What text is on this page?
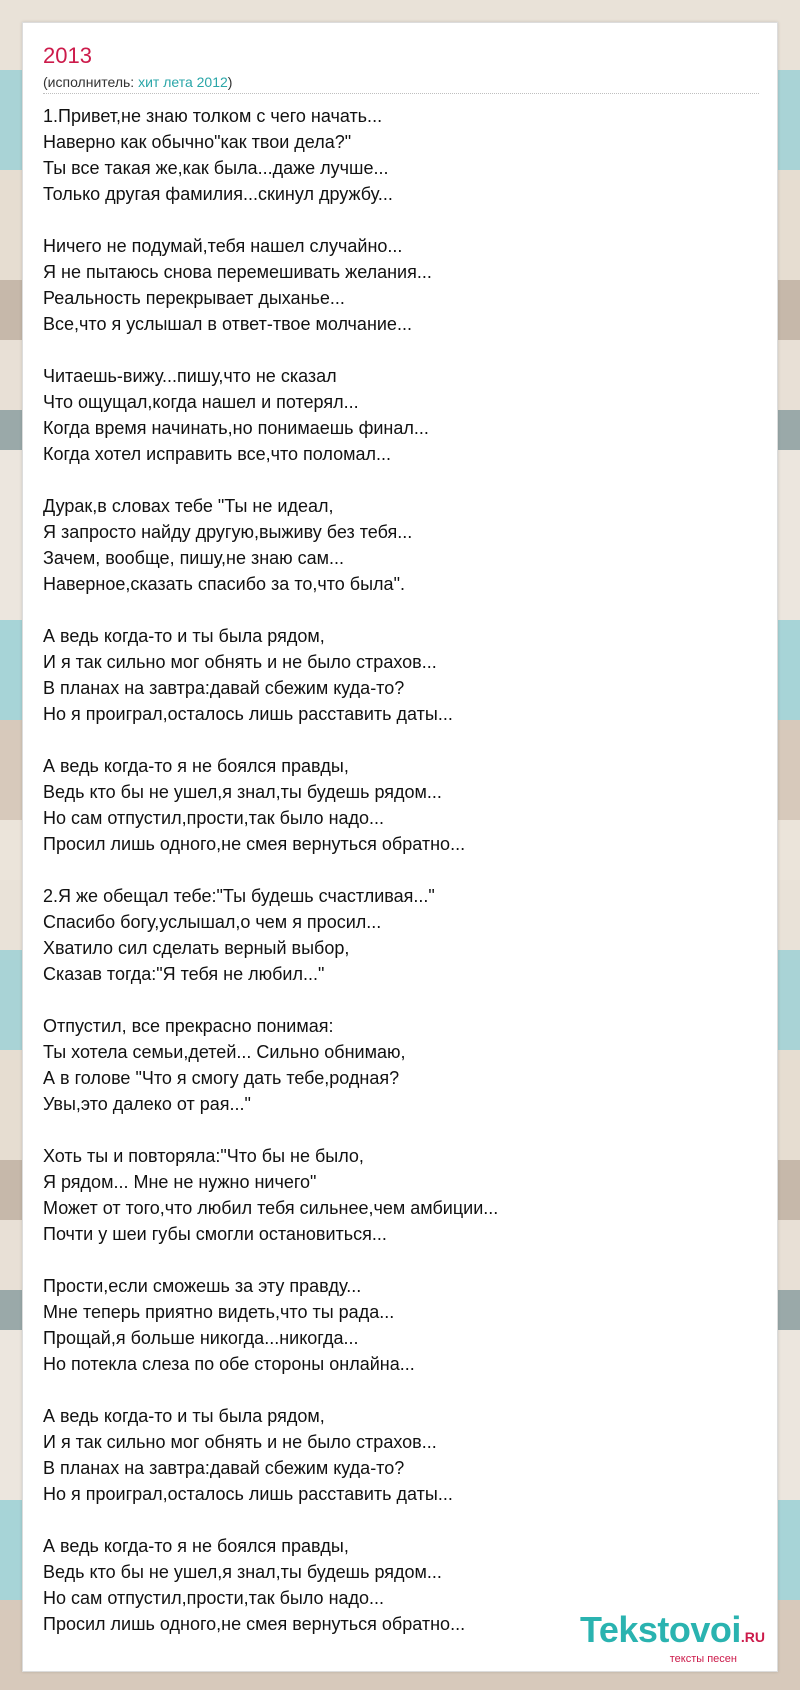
2013
(исполнитель: хит лета 2012)
1.Привет,не знаю толком с чего начать...
Наверно как обычно"как твои дела?"
Ты все такая же,как была...даже лучше...
Только другая фамилия...скинул дружбу...
Ничего не подумай,тебя нашел случайно...
Я не пытаюсь снова перемешивать желания...
Реальность перекрывает дыханье...
Все,что я услышал в ответ-твое молчание...
Читаешь-вижу...пишу,что не сказал
Что ощущал,когда нашел и потерял...
Когда время начинать,но понимаешь финал...
Когда хотел исправить все,что поломал...
Дурак,в словах тебе "Ты не идеал,
Я запросто найду другую,выживу без тебя...
Зачем, вообще, пишу,не знаю сам...
Наверное,сказать спасибо за то,что была".
А ведь когда-то и ты была рядом,
И я так сильно мог обнять и не было страхов...
В планах на завтра:давай сбежим куда-то?
Но я проиграл,осталось лишь расставить даты...
А ведь когда-то я не боялся правды,
Ведь кто бы не ушел,я знал,ты будешь рядом...
Но сам отпустил,прости,так было надо...
Просил лишь одного,не смея вернуться обратно...
2.Я же обещал тебе:"Ты будешь счастливая..."
Спасибо богу,услышал,о чем я просил...
Хватило сил сделать верный выбор,
Сказав тогда:"Я тебя не любил..."
Отпустил, все прекрасно понимая:
Ты хотела семьи,детей... Сильно обнимаю,
А в голове "Что я смогу дать тебе,родная?
Увы,это далеко от рая..."
Хоть ты и повторяла:"Что бы не было,
Я рядом... Мне не нужно ничего"
Может от того,что любил тебя сильнее,чем амбиции...
Почти у шеи губы смогли остановиться...
Прости,если сможешь за эту правду...
Мне теперь приятно видеть,что ты рада...
Прощай,я больше никогда...никогда...
Но потекла слеза по обе стороны онлайна...
А ведь когда-то и ты была рядом,
И я так сильно мог обнять и не было страхов...
В планах на завтра:давай сбежим куда-то?
Но я проиграл,осталось лишь расставить даты...
А ведь когда-то я не боялся правды,
Ведь кто бы не ушел,я знал,ты будешь рядом...
Но сам отпустил,прости,так было надо...
Просил лишь одного,не смея вернуться обратно...	Tekstovoi.RU
тексты песен
